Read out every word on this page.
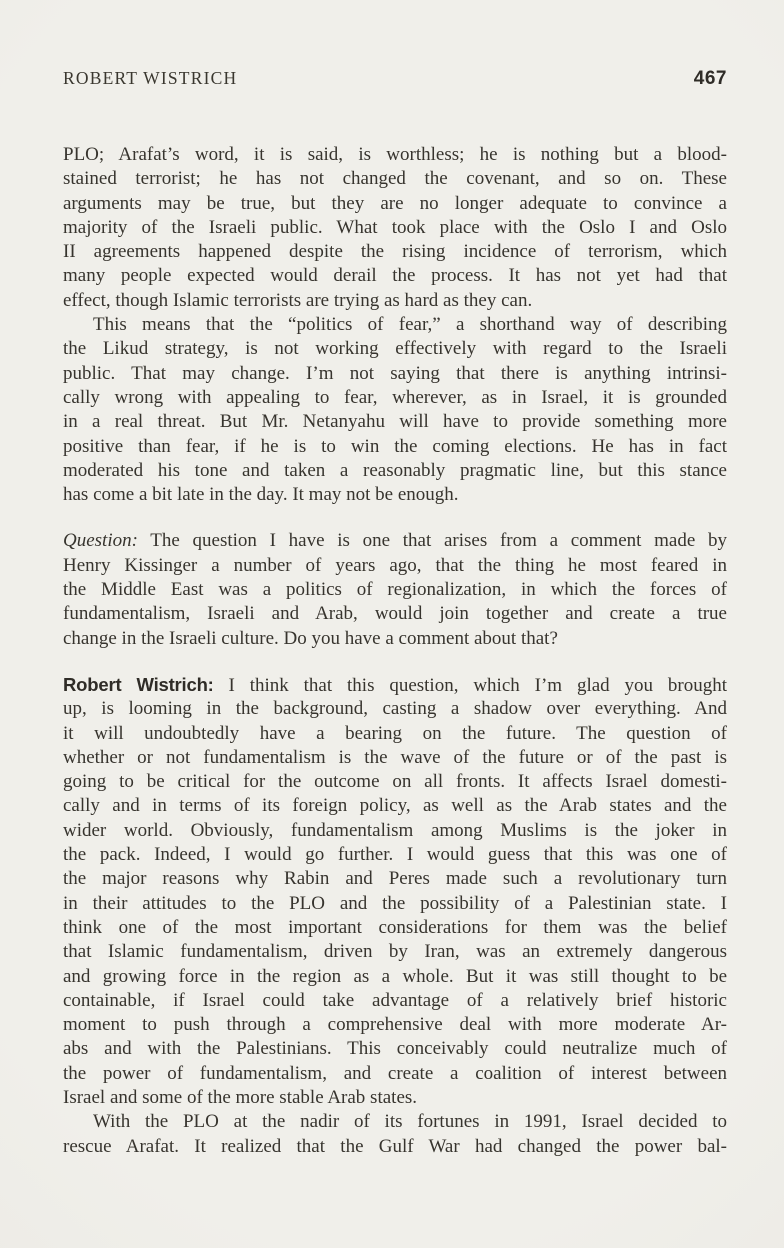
ROBERT WISTRICH	467
PLO; Arafat’s word, it is said, is worthless; he is nothing but a blood-
stained terrorist; he has not changed the covenant, and so on. These
arguments may be true, but they are no longer adequate to convince a
majority of the Israeli public. What took place with the Oslo I and Oslo
II agreements happened despite the rising incidence of terrorism, which
many people expected would derail the process. It has not yet had that
effect, though Islamic terrorists are trying as hard as they can.
This means that the “politics of fear,” a shorthand way of describing
the Likud strategy, is not working effectively with regard to the Israeli
public. That may change. I’m not saying that there is anything intrinsi-
cally wrong with appealing to fear, wherever, as in Israel, it is grounded
in a real threat. But Mr. Netanyahu will have to provide something more
positive than fear, if he is to win the coming elections. He has in fact
moderated his tone and taken a reasonably pragmatic line, but this stance
has come a bit late in the day. It may not be enough.
Question: The question I have is one that arises from a comment made by
Henry Kissinger a number of years ago, that the thing he most feared in
the Middle East was a politics of regionalization, in which the forces of
fundamentalism, Israeli and Arab, would join together and create a true
change in the Israeli culture. Do you have a comment about that?
Robert Wistrich: I think that this question, which I’m glad you brought
up, is looming in the background, casting a shadow over everything. And
it will undoubtedly have a bearing on the future. The question of
whether or not fundamentalism is the wave of the future or of the past is
going to be critical for the outcome on all fronts. It affects Israel domesti-
cally and in terms of its foreign policy, as well as the Arab states and the
wider world. Obviously, fundamentalism among Muslims is the joker in
the pack. Indeed, I would go further. I would guess that this was one of
the major reasons why Rabin and Peres made such a revolutionary turn
in their attitudes to the PLO and the possibility of a Palestinian state. I
think one of the most important considerations for them was the belief
that Islamic fundamentalism, driven by Iran, was an extremely dangerous
and growing force in the region as a whole. But it was still thought to be
containable, if Israel could take advantage of a relatively brief historic
moment to push through a comprehensive deal with more moderate Ar-
abs and with the Palestinians. This conceivably could neutralize much of
the power of fundamentalism, and create a coalition of interest between
Israel and some of the more stable Arab states.
With the PLO at the nadir of its fortunes in 1991, Israel decided to
rescue Arafat. It realized that the Gulf War had changed the power bal-
